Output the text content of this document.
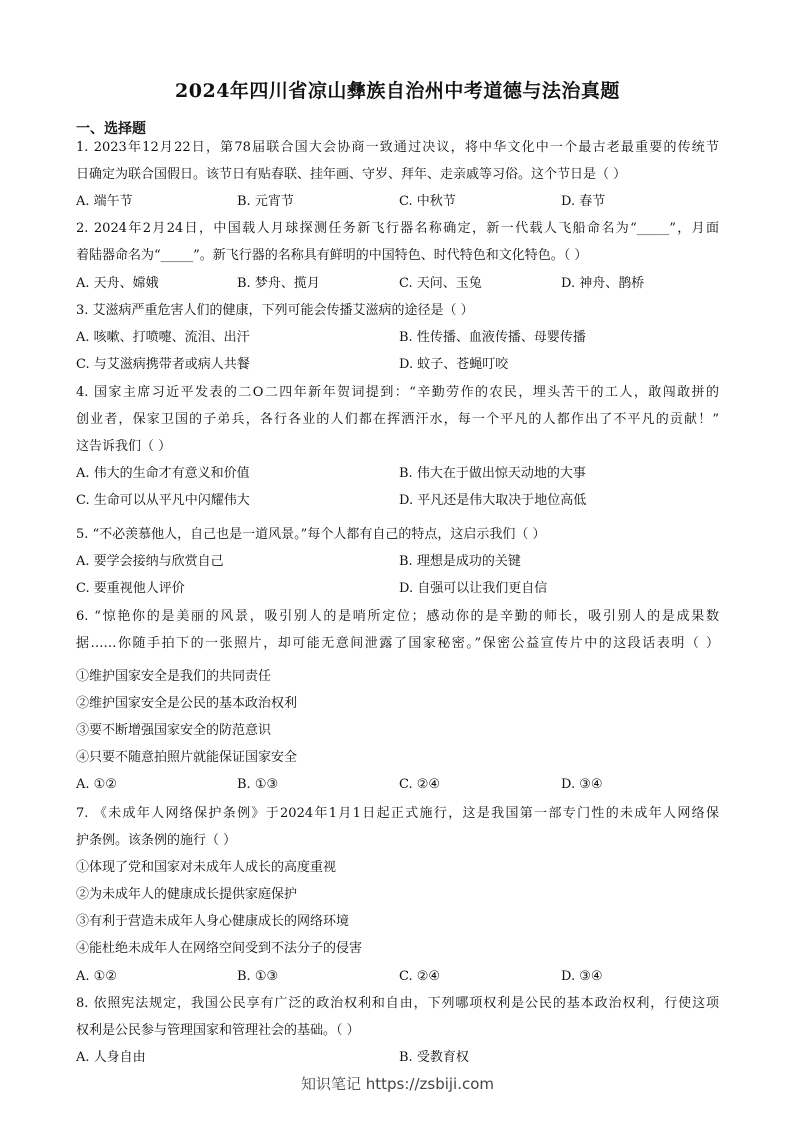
2024年四川省凉山彝族自治州中考道德与法治真题
一、选择题
1. 2023年12月22日，第78届联合国大会协商一致通过决议，将中华文化中一个最古老最重要的传统节
日确定为联合国假日。该节日有贴春联、挂年画、守岁、拜年、走亲戚等习俗。这个节日是（ ）
A. 端午节	B. 元宵节	C. 中秋节	D. 春节
2. 2024年2月24日，中国载人月球探测任务新飞行器名称确定，新一代载人飞船命名为“_____”，月面
着陆器命名为“_____”。新飞行器的名称具有鲜明的中国特色、时代特色和文化特色。（ ）
A. 天舟、嫦娥	B. 梦舟、揽月	C. 天问、玉兔	D. 神舟、鹊桥
3. 艾滋病严重危害人们的健康，下列可能会传播艾滋病的途径是（ ）
A. 咳嗽、打喷嚏、流泪、出汗	B. 性传播、血液传播、母婴传播
C. 与艾滋病携带者或病人共餐	D. 蚊子、苍蝇叮咬
4. 国家主席习近平发表的二O二四年新年贺词提到：“辛勤劳作的农民，埋头苦干的工人，敢闯敢拼的
创业者，保家卫国的子弟兵，各行各业的人们都在挥洒汗水，每一个平凡的人都作出了不平凡的贡献！”
这告诉我们（ ）
A. 伟大的生命才有意义和价值	B. 伟大在于做出惊天动地的大事
C. 生命可以从平凡中闪耀伟大	D. 平凡还是伟大取决于地位高低
5. “不必羡慕他人，自己也是一道风景。”每个人都有自己的特点，这启示我们（ ）
A. 要学会接纳与欣赏自己	B. 理想是成功的关键
C. 要重视他人评价	D. 自强可以让我们更自信
6. “惊艳你的是美丽的风景，吸引别人的是哨所定位；感动你的是辛勤的师长，吸引别人的是成果数
据……你随手拍下的一张照片，却可能无意间泄露了国家秘密。”保密公益宣传片中的这段话表明（ ）
①维护国家安全是我们的共同责任
②维护国家安全是公民的基本政治权利
③要不断增强国家安全的防范意识
④只要不随意拍照片就能保证国家安全
A. ①②	B. ①③	C. ②④	D. ③④
7. 《未成年人网络保护条例》于2024年1月1日起正式施行，这是我国第一部专门性的未成年人网络保
护条例。该条例的施行（ ）
①体现了党和国家对未成年人成长的高度重视
②为未成年人的健康成长提供家庭保护
③有利于营造未成年人身心健康成长的网络环境
④能杜绝未成年人在网络空间受到不法分子的侵害
A. ①②	B. ①③	C. ②④	D. ③④
8. 依照宪法规定，我国公民享有广泛的政治权利和自由，下列哪项权利是公民的基本政治权利，行使这项
权利是公民参与管理国家和管理社会的基础。（ ）
A. 人身自由	B. 受教育权
知识笔记 https://zsbiji.com
